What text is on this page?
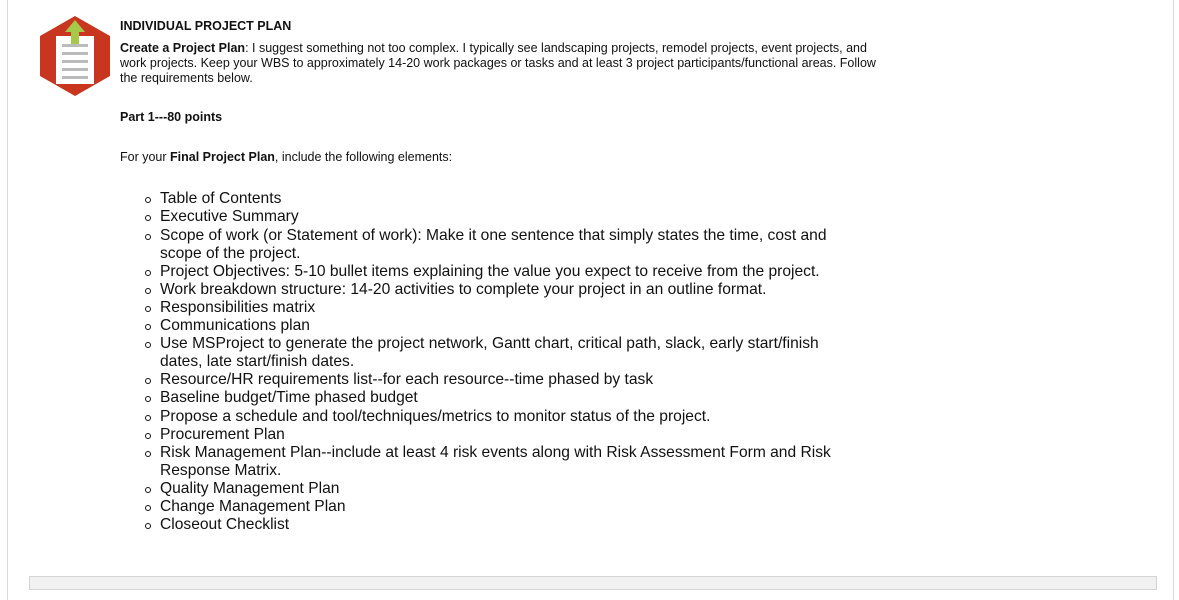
INDIVIDUAL PROJECT PLAN

Create a Project Plan: I suggest something not too complex. I typically see landscaping projects, remodel projects, event projects, and work projects. Keep your WBS to approximately 14-20 work packages or tasks and at least 3 project participants/functional areas. Follow the requirements below.

Part 1---80 points

For your Final Project Plan, include the following elements:

Table of Contents
Executive Summary
Scope of work (or Statement of work): Make it one sentence that simply states the time, cost and scope of the project.
Project Objectives: 5-10 bullet items explaining the value you expect to receive from the project.
Work breakdown structure: 14-20 activities to complete your project in an outline format.
Responsibilities matrix
Communications plan
Use MSProject to generate the project network, Gantt chart, critical path, slack, early start/finish dates, late start/finish dates.
Resource/HR requirements list--for each resource--time phased by task
Baseline budget/Time phased budget
Propose a schedule and tool/techniques/metrics to monitor status of the project.
Procurement Plan
Risk Management Plan--include at least 4 risk events along with Risk Assessment Form and Risk Response Matrix.
Quality Management Plan
Change Management Plan
Closeout Checklist
